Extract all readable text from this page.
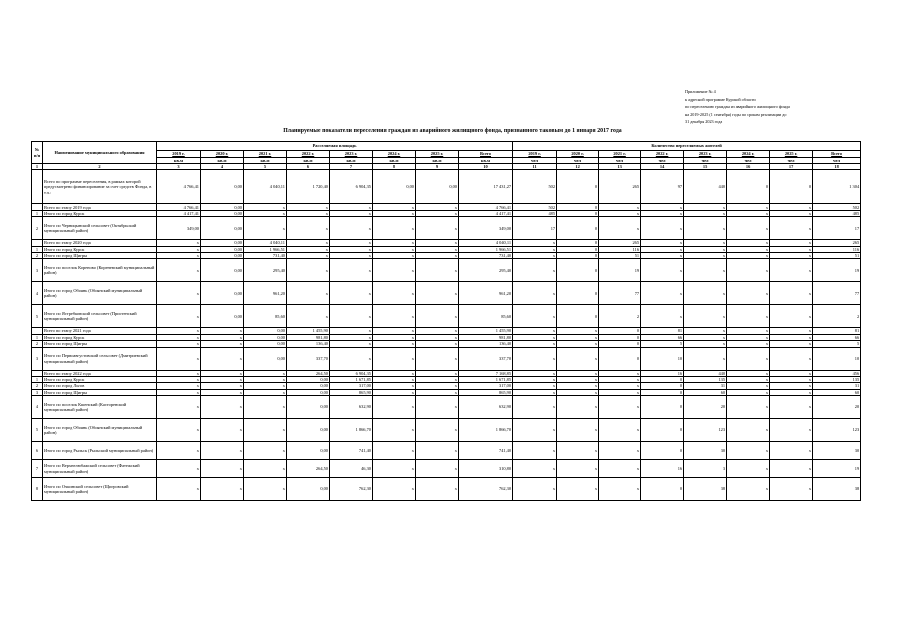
Приложение № 4
к адресной программе Курской области
по переселению граждан из аварийного жилищного фонда
на 2019-2025 (1 сентября) годы по срокам реализации до
31 декабря 2023 года
Планируемые показатели переселения граждан из аварийного жилищного фонда, признанного таковым до 1 января 2017 года
№ п/п	Наименование муниципального образования	Расселяемая площадь								Количество переселяемых жителей							
		2019 г.	2020 г.	2021 г.	2022 г.	2023 г.	2024 г.	2025 г.	Всего	2019 г.	2020 г.	2021 г.	2022 г.	2023 г.	2024 г.	2025 г.	Всего
		кв.м	кв.м	кв.м	кв.м	кв.м	кв.м	кв.м	кв.м	чел	чел	чел	чел	чел	чел	чел	чел
1	2	3	4	5	6	7	8	9	10	11	12	13	14	15	16	17	18
	Всего по программе переселения, в рамках которой предусмотрено финансирование за счет средств Фонда, в т.ч.:	4 766,41	0,00	4 040,11	1 720,40	6 904,35	0,00	0,00	17 431,27	502	0	265	97	440	0	0	1 304
	Всего по этапу 2019 года	4 766,41	0,00	x	x	x	x	x	4 766,41	502	0	x	x	x	x	x	502
1	Итого по город Курск	4 417,41	0,00	x	x	x	x	x	4 417,41	485	0	x	x	x	x	x	485
2	Итого по Черницынский сельсовет (Октябрьский муниципальный район)	349,00	0,00	x	x	x	x	x	349,00	17	0	x	x	x	x	x	17
	Всего по этапу 2020 года	x	0,00	4 040,11	x	x	x	x	4 040,11	x	0	265	x	x	x	x	265
1	Итого по город Курск	x	0,00	1 966,51	x	x	x	x	1 966,51	x	0	116	x	x	x	x	116
2	Итого по город Щигры	x	0,00	731,40	x	x	x	x	731,40	x	0	51	x	x	x	x	51
3	Итого по поселок Кореново (Кореневский муниципальный район)	x	0,00	295,40	x	x	x	x	295,40	x	0	19	x	x	x	x	19
4	Итого по город Обоянь (Обоянский муниципальный район)	x	0,00	961,20	x	x	x	x	961,20	x	0	77	x	x	x	x	77
5	Итого по Ястребковский сельсовет (Пристенский муниципальный район)	x	0,00	85,60	x	x	x	x	85,60	x	0	2	x	x	x	x	2
	Всего по этапу 2021 года	x	x	0,00	1 455,90	x	x	x	1 455,90	x	x	0	81	x	x	x	81
1	Итого по город Курск	x	x	0,00	981,80	x	x	x	981,80	x	x	0	66	x	x	x	66
2	Итого по город Щигры	x	x	0,00	136,40	x	x	x	136,40	x	x	0	5	x	x	x	5
3	Итого по Первоавгустовский сельсовет (Дмитриевский муниципальный район)	x	x	0,00	337,70	x	x	x	337,70	x	x	0	10	x	x	x	10
	Всего по этапу 2022 года	x	x	x	264,50	6 904,35	x	x	7 168,85	x	x	x	16	440	x	x	456
1	Итого по город Курск	x	x	x	0,00	1 671,85	x	x	1 671,85	x	x	x	0	135	x	x	135
2	Итого по город Льгов	x	x	x	0,00	317,00	x	x	317,00	x	x	x	0	31	x	x	31
3	Итого по город Щигры	x	x	x	0,00	865,90	x	x	865,90	x	x	x	0	60	x	x	60
4	Итого по поселок Кшенский (Касторенский муниципальный район)	x	x	x	0,00	632,90	x	x	632,90	x	x	x	0	20	x	x	20
5	Итого по город Обоянь (Обоянский муниципальный район)	x	x	x	0,00	1 866,70	x	x	1 866,70	x	x	x	0	123	x	x	123
6	Итого по город Рыльск (Рыльский муниципальный район)	x	x	x	0,00	741,40	x	x	741,40	x	x	x	0	30	x	x	30
7	Итого по Верхнелюбажский сельсовет (Фатежский муниципальный район)	x	x	x	264,50	46,30	x	x	310,80	x	x	x	16	3	x	x	19
8	Итого по Очкинский сельсовет (Щигровский муниципальный район)	x	x	x	0,00	762,30	x	x	762,30	x	x	x	0	38	x	x	38
